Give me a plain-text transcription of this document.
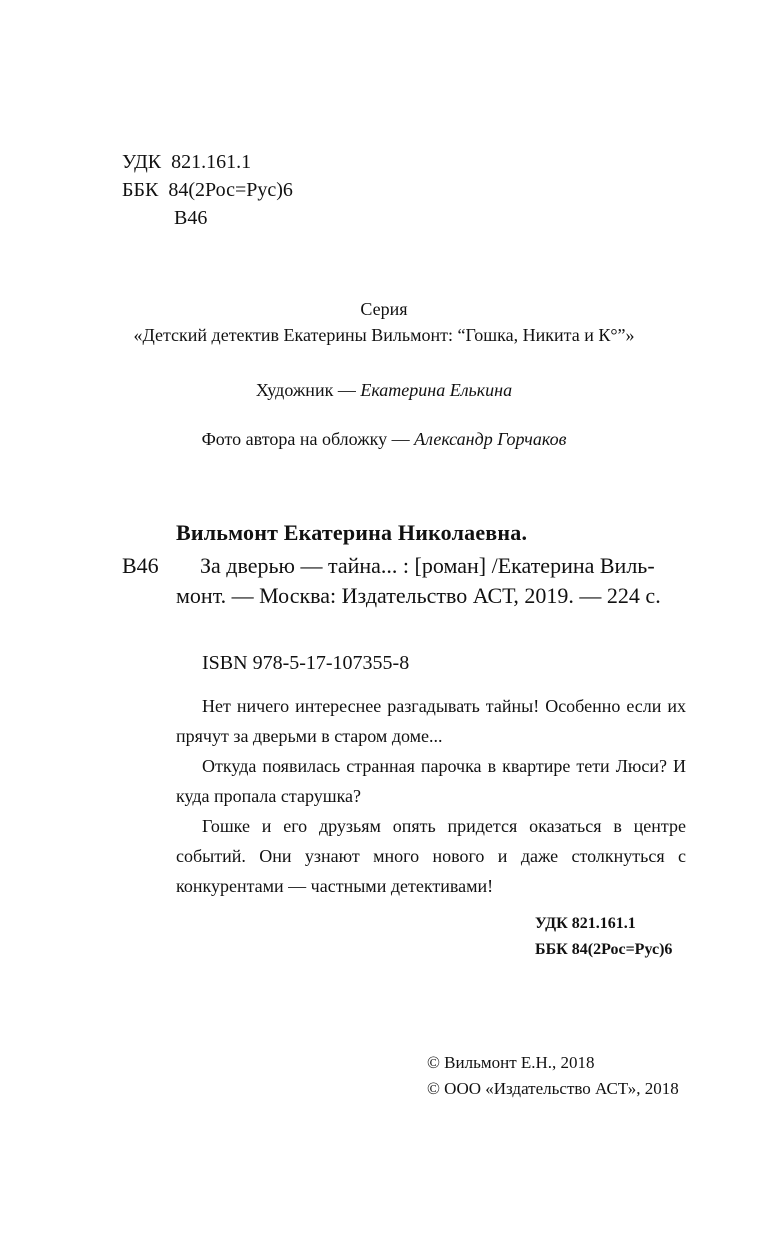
УДК 821.161.1
ББК 84(2Рос=Рус)6
В46
Серия
«Детский детектив Екатерины Вильмонт: “Гошка, Никита и К°”»
Художник — Екатерина Елькина
Фото автора на обложку — Александр Горчаков
Вильмонт Екатерина Николаевна.
В46	За дверью — тайна... : [роман] /Екатерина Виль-
монт. — Москва: Издательство АСТ, 2019. — 224 с.
ISBN 978-5-17-107355-8

Нет ничего интереснее разгадывать тайны! Особенно если их прячут за дверьми в старом доме...

Откуда появилась странная парочка в квартире тети Люси? И куда пропала старушка?

Гошке и его друзьям опять придется оказаться в центре событий. Они узнают много нового и даже столкнуться с конкурентами — частными детективами!

УДК 821.161.1
ББК 84(2Рос=Рус)6
© Вильмонт Е.Н., 2018
© ООО «Издательство АСТ», 2018
